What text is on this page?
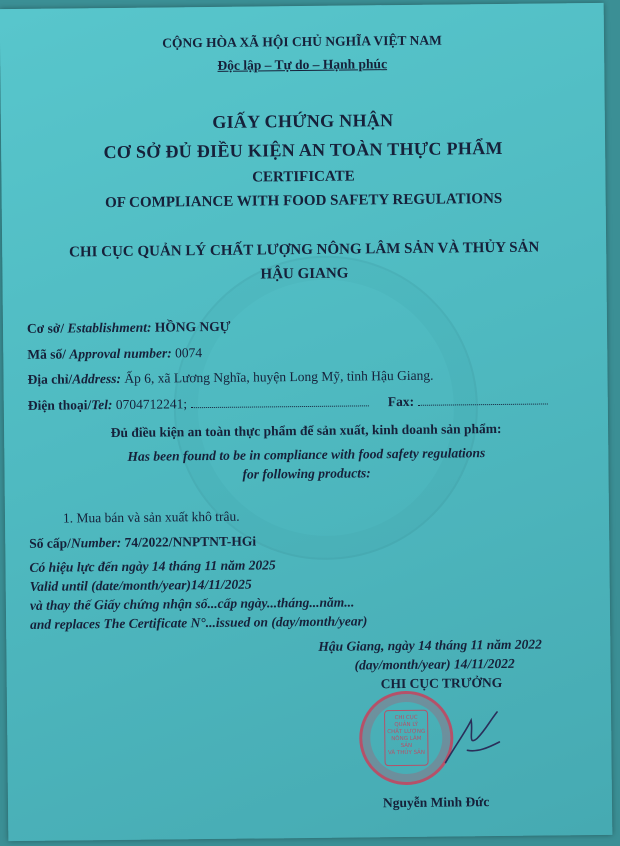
CỘNG HÒA XÃ HỘI CHỦ NGHĨA VIỆT NAM
Độc lập – Tự do – Hạnh phúc
GIẤY CHỨNG NHẬN
CƠ SỞ ĐỦ ĐIỀU KIỆN AN TOÀN THỰC PHẨM
CERTIFICATE
OF COMPLIANCE WITH FOOD SAFETY REGULATIONS
CHI CỤC QUẢN LÝ CHẤT LƯỢNG NÔNG LÂM SẢN VÀ THỦY SẢN
HẬU GIANG
Cơ sở/ Establishment: HỒNG NGỰ
Mã số/ Approval number: 0074
Địa chỉ/Address: Ấp 6, xã Lương Nghĩa, huyện Long Mỹ, tỉnh Hậu Giang.
Điện thoại/Tel: 0704712241;	Fax:
Đủ điều kiện an toàn thực phẩm để sản xuất, kinh doanh sản phẩm:
Has been found to be in compliance with food safety regulations
for following products:
1. Mua bán và sản xuất khô trâu.
Số cấp/Number: 74/2022/NNPTNT-HGi
Có hiệu lực đến ngày 14 tháng 11 năm 2025
Valid until (date/month/year)14/11/2025
và thay thế Giấy chứng nhận số...cấp ngày...tháng...năm...
and replaces The Certificate N°...issued on (day/month/year)
Hậu Giang, ngày 14 tháng 11 năm 2022
(day/month/year) 14/11/2022
CHI CỤC TRƯỞNG
CHI CỤC
QUẢN LÝ
CHẤT LƯỢNG
NÔNG LÂM SẢN
VÀ THỦY SẢN
Nguyễn Minh Đức
